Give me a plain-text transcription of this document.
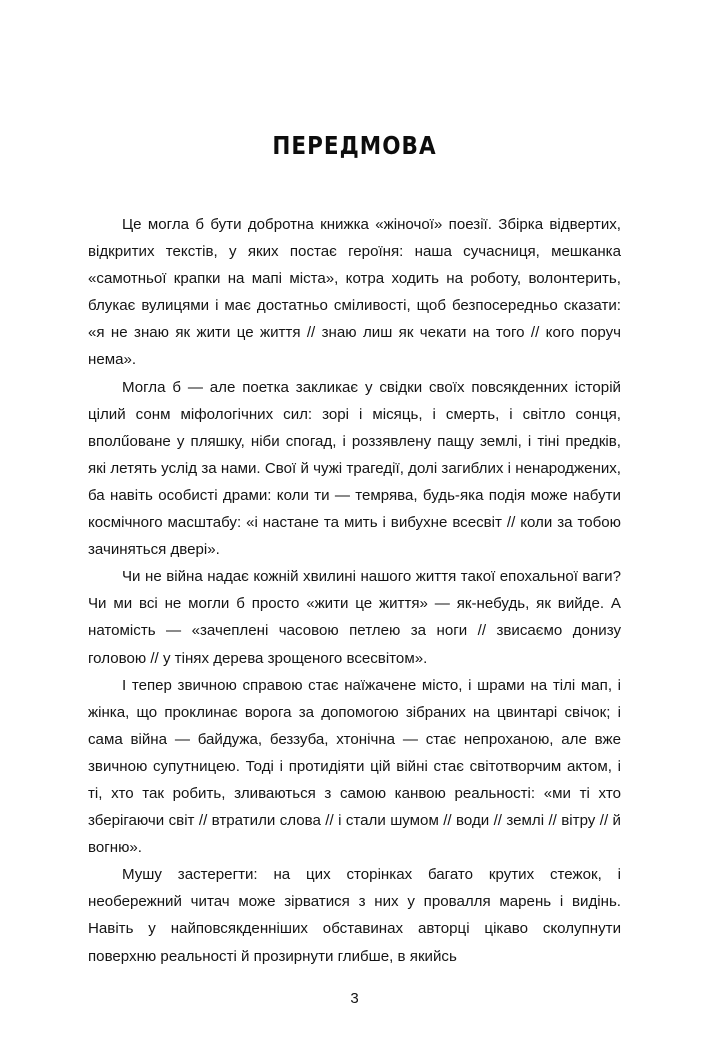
ПЕРЕДМОВА

Це могла б бути добротна книжка «жіночої» поезії. Збірка відвертих, відкритих текстів, у яких постає героїня: наша сучасниця, мешканка «самотньої крапки на мапі міста», котра ходить на роботу, волонтерить, блукає вулицями і має достатньо сміливості, щоб безпосередньо сказати: «я не знаю як жити це життя // знаю лиш як чекати на того // кого поруч нема».

Могла б — але поетка закликає у свідки своїх повсякденних історій цілий сонм міфологічних сил: зорі і місяць, і смерть, і світло сонця, вполűоване у пляшку, ніби спогад, і роззявлену пащу землі, і тіні предків, які летять услід за нами. Свої й чужі трагедії, долі загиблих і ненароджених, ба навіть особисті драми: коли ти — темрява, будь-яка подія може набути космічного масштабу: «і настане та мить і вибухне всесвіт // коли за тобою зачиняться двері».

Чи не війна надає кожній хвилині нашого життя такої епохальної ваги? Чи ми всі не могли б просто «жити це життя» — як-небудь, як вийде. А натомість — «зачеплені часовою петлею за ноги // звисаємо донизу головою // у тінях дерева зрощеного всесвітом».

І тепер звичною справою стає наїжачене місто, і шрами на тілі мап, і жінка, що проклинає ворога за допомогою зібраних на цвинтарі свічок; і сама війна — байдужа, беззуба, хтонічна — стає непроханою, але вже звичною супутницею. Тоді і протидіяти цій війні стає світотворчим актом, і ті, хто так робить, зливаються з самою канвою реальності: «ми ті хто зберігаючи світ // втратили слова // і стали шумом // води // землі // вітру // й вогню».

Мушу застерегти: на цих сторінках багато крутих стежок, і необережний читач може зірватися з них у провалля марень і видінь. Навіть у найповсякденніших обставинах авторці цікаво сколупнути поверхню реальності й прозирнути глибше, в якийсь

3
